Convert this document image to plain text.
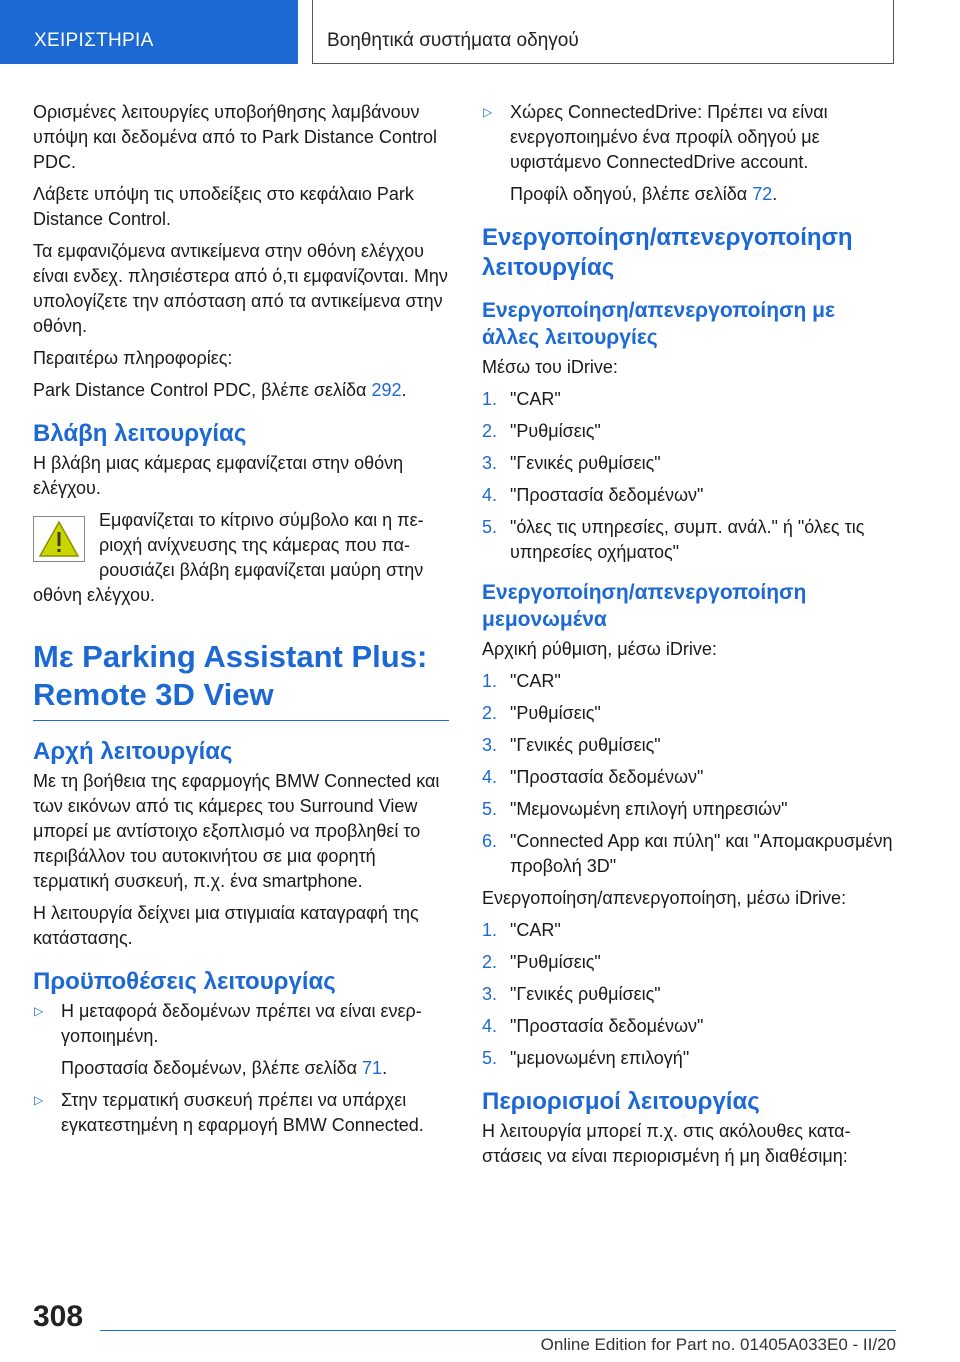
ΧΕΙΡΙΣΤΗΡΙΑ	Βοηθητικά συστήματα οδηγού

Ορισμένες λειτουργίες υποβοήθησης λαμβάνουν υπόψη και δεδομένα από το Park Distance Control PDC.

Λάβετε υπόψη τις υποδείξεις στο κεφάλαιο Park Distance Control.

Τα εμφανιζόμενα αντικείμενα στην οθόνη ελέγχου είναι ενδεχ. πλησιέστερα από ό,τι εμφανίζονται. Μην υπολογίζετε την απόσταση από τα αντικείμενα στην οθόνη.

Περαιτέρω πληροφορίες:

Park Distance Control PDC, βλέπε σελίδα 292.

Βλάβη λειτουργίας

Η βλάβη μιας κάμερας εμφανίζεται στην οθόνη ελέγχου.

Εμφανίζεται το κίτρινο σύμβολο και η περιοχή ανίχνευσης της κάμερας που παρουσιάζει βλάβη εμφανίζεται μαύρη στην οθόνη ελέγχου.

Με Parking Assistant Plus: Remote 3D View
Αρχή λειτουργίας

Με τη βοήθεια της εφαρμογής BMW Connected και των εικόνων από τις κάμερες του Surround View μπορεί με αντίστοιχο εξοπλισμό να προβληθεί το περιβάλλον του αυτοκινήτου σε μια φορητή τερματική συσκευή, π.χ. ένα smartphone.

Η λειτουργία δείχνει μια στιγμιαία καταγραφή της κατάστασης.

Προϋποθέσεις λειτουργίας

▷ Η μεταφορά δεδομένων πρέπει να είναι ενεργοποιημένη.

Προστασία δεδομένων, βλέπε σελίδα 71.

▷ Στην τερματική συσκευή πρέπει να υπάρχει εγκατεστημένη η εφαρμογή BMW Connected.

▷ Χώρες ConnectedDrive: Πρέπει να είναι ενεργοποιημένο ένα προφίλ οδηγού με υφιστάμενο ConnectedDrive account.

Προφίλ οδηγού, βλέπε σελίδα 72.

Ενεργοποίηση/απενεργοποίηση λειτουργίας
Ενεργοποίηση/απενεργοποίηση με άλλες λειτουργίες

Μέσω του iDrive:

1. "CAR"
2. "Ρυθμίσεις"
3. "Γενικές ρυθμίσεις"
4. "Προστασία δεδομένων"
5. "όλες τις υπηρεσίες, συμπ. ανάλ." ή "όλες τις υπηρεσίες οχήματος"
Ενεργοποίηση/απενεργοποίηση μεμονωμένα

Αρχική ρύθμιση, μέσω iDrive:

1. "CAR"
2. "Ρυθμίσεις"
3. "Γενικές ρυθμίσεις"
4. "Προστασία δεδομένων"
5. "Μεμονωμένη επιλογή υπηρεσιών"
6. "Connected App και πύλη" και "Απομακρυσμένη προβολή 3D"

Ενεργοποίηση/απενεργοποίηση, μέσω iDrive:

1. "CAR"
2. "Ρυθμίσεις"
3. "Γενικές ρυθμίσεις"
4. "Προστασία δεδομένων"
5. "μεμονωμένη επιλογή"
Περιορισμοί λειτουργίας

Η λειτουργία μπορεί π.χ. στις ακόλουθες καταστάσεις να είναι περιορισμένη ή μη διαθέσιμη:

308
Online Edition for Part no. 01405A033E0 - II/20
